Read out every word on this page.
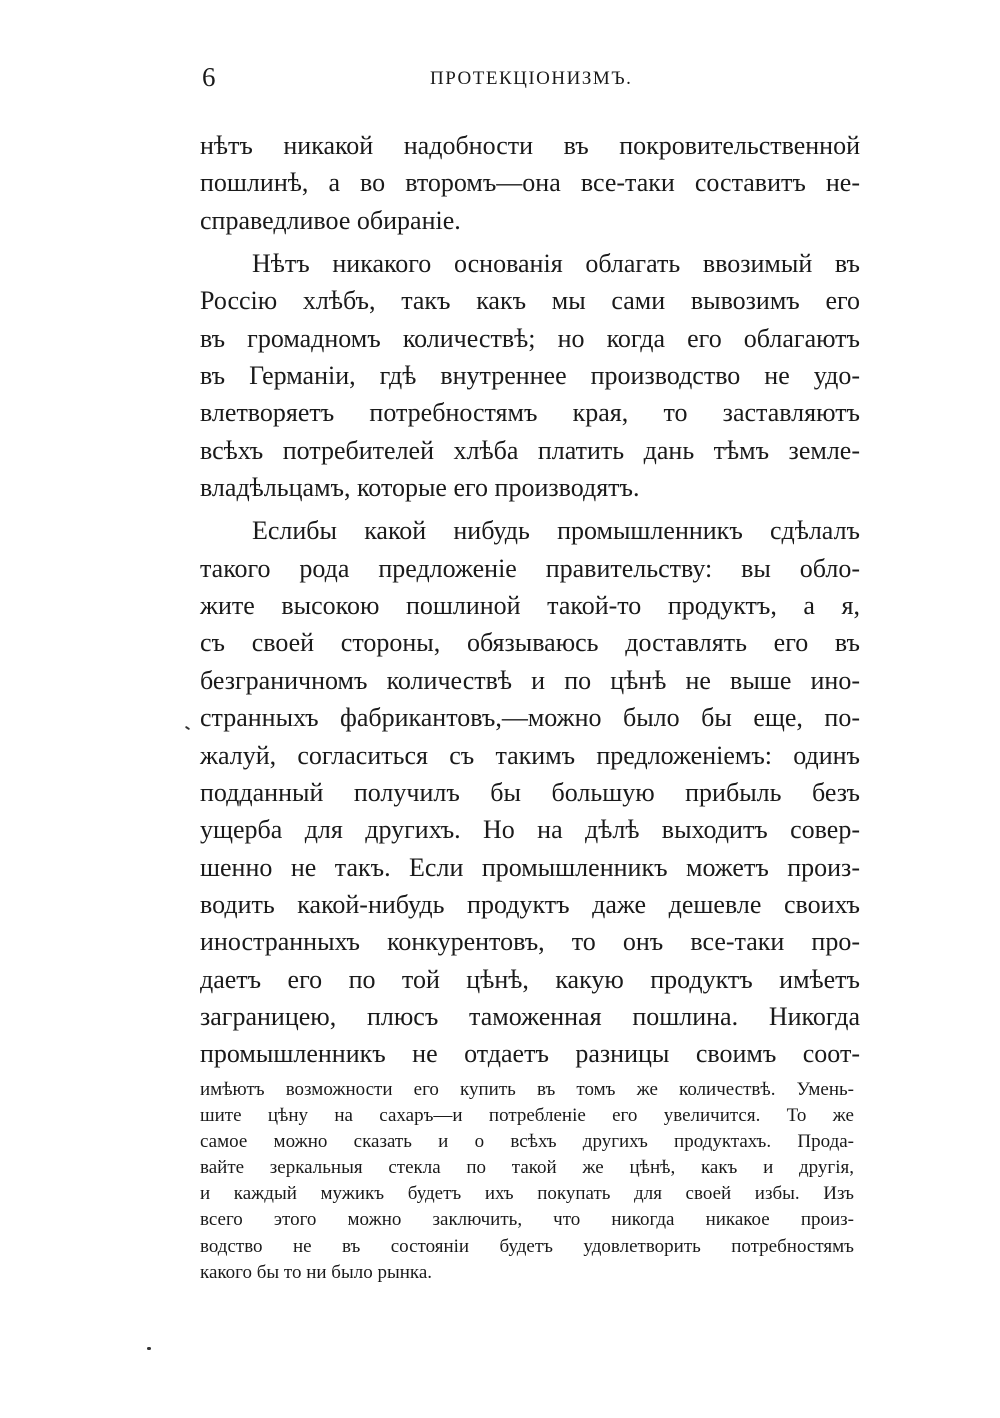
6	ПРОТЕКЦІОНИЗМЪ.
нѣтъ никакой надобности въ покровительственной
пошлинѣ, а во второмъ—она все-таки составитъ не-
справедливое обираніе.
Нѣтъ никакого основанія облагать ввозимый въ
Россію хлѣбъ, такъ какъ мы сами вывозимъ его
въ громадномъ количествѣ; но когда его облагаютъ
въ Германіи, гдѣ внутреннее производство не удо-
влетворяетъ потребностямъ края, то заставляютъ
всѣхъ потребителей хлѣба платить дань тѣмъ земле-
владѣльцамъ, которые его производятъ.
Еслибы какой нибудь промышленникъ сдѣлалъ
такого рода предложеніе правительству: вы обло-
жите высокою пошлиной такой-то продуктъ, а я,
съ своей стороны, обязываюсь доставлять его въ
безграничномъ количествѣ и по цѣнѣ не выше ино-
странныхъ фабрикантовъ,—можно было бы еще, по-
жалуй, согласиться съ такимъ предложеніемъ: одинъ
подданный получилъ бы большую прибыль безъ
ущерба для другихъ. Но на дѣлѣ выходитъ совер-
шенно не такъ. Если промышленникъ можетъ произ-
водить какой-нибудь продуктъ даже дешевле своихъ
иностранныхъ конкурентовъ, то онъ все-таки про-
даетъ его по той цѣнѣ, какую продуктъ имѣетъ
заграницею, плюсъ таможенная пошлина. Никогда
промышленникъ не отдаетъ разницы своимъ соот-
имѣютъ возможности его купить въ томъ же количествѣ. Умень-
шите цѣну на сахаръ—и потребленіе его увеличится. То же
самое можно сказать и о всѣхъ другихъ продуктахъ. Прода-
вайте зеркальныя стекла по такой же цѣнѣ, какъ и другія,
и каждый мужикъ будетъ ихъ покупать для своей избы. Изъ
всего этого можно заключить, что никогда никакое произ-
водство не въ состояніи будетъ удовлетворить потребностямъ
какого бы то ни было рынка.
